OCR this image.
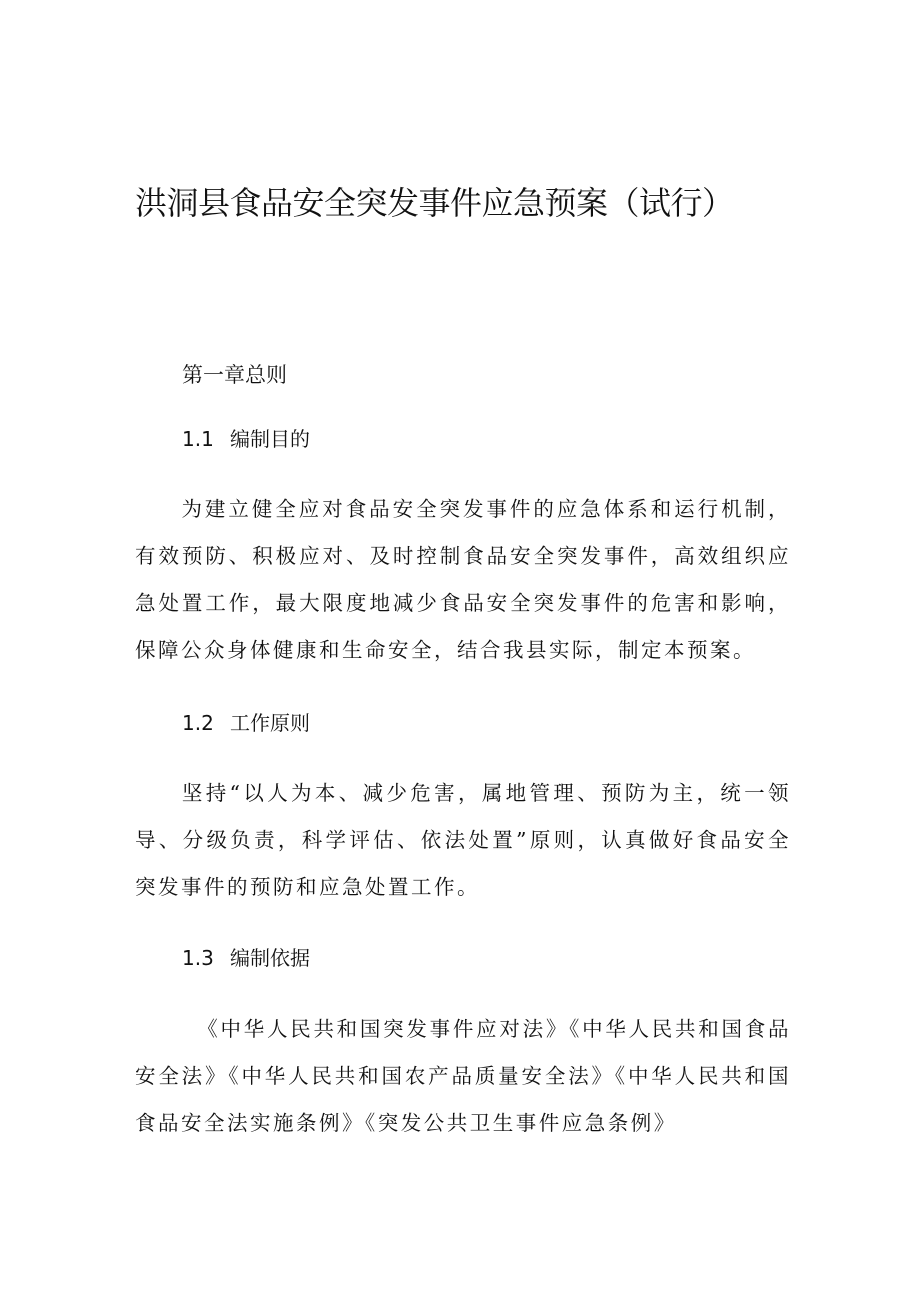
洪洞县食品安全突发事件应急预案（试行）
第一章总则
1.1 编制目的

为建立健全应对食品安全突发事件的应急体系和运行机制，有效预防、积极应对、及时控制食品安全突发事件，高效组织应急处置工作，最大限度地减少食品安全突发事件的危害和影响，保障公众身体健康和生命安全，结合我县实际，制定本预案。

1.2 工作原则

坚持“以人为本、减少危害，属地管理、预防为主，统一领导、分级负责，科学评估、依法处置”原则，认真做好食品安全突发事件的预防和应急处置工作。

1.3 编制依据

《中华人民共和国突发事件应对法》《中华人民共和国食品安全法》《中华人民共和国农产品质量安全法》《中华人民共和国食品安全法实施条例》《突发公共卫生事件应急条例》
